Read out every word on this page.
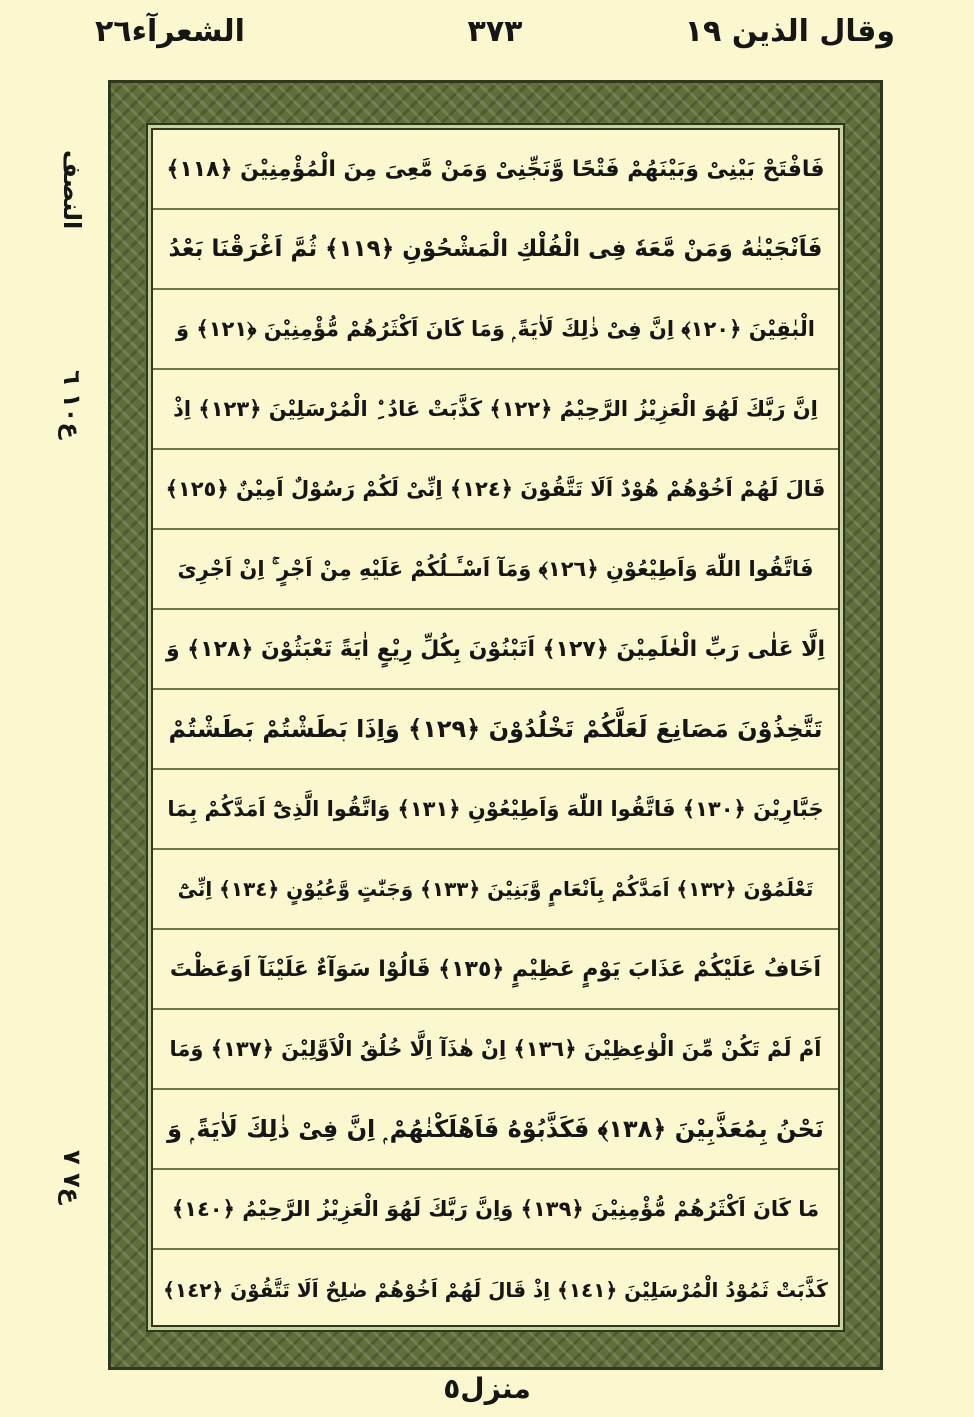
وقال الذين ١٩
٣٧٣
الشعرآء٢٦
النصف
ع١٠ ٦
ع٧ ٧
فَافْتَحْ بَيْنِىْ وَبَيْنَهُمْ فَتْحًا وَّنَجِّنِىْ وَمَنْ مَّعِىَ مِنَ الْمُؤْمِنِيْنَ ﴿١١٨﴾
فَاَنْجَيْنٰهُ وَمَنْ مَّعَهٗ فِى الْفُلْكِ الْمَشْحُوْنِ ﴿١١٩﴾ ثُمَّ اَغْرَقْنَا بَعْدُ
الْبٰقِيْنَ ﴿١٢٠﴾ اِنَّ فِىْ ذٰلِكَ لَاٰيَةً ۭ وَمَا كَانَ اَكْثَرُهُمْ مُّؤْمِنِيْنَ ﴿١٢١﴾ وَ
اِنَّ رَبَّكَ لَهُوَ الْعَزِيْزُ الرَّحِيْمُ ﴿١٢٢﴾ كَذَّبَتْ عَادُ ِۨ الْمُرْسَلِيْنَ ﴿١٢٣﴾ اِذْ
قَالَ لَهُمْ اَخُوْهُمْ هُوْدٌ اَلَا تَتَّقُوْنَ ﴿١٢٤﴾ اِنِّىْ لَكُمْ رَسُوْلٌ اَمِيْنٌ ﴿١٢٥﴾
فَاتَّقُوا اللّٰهَ وَاَطِيْعُوْنِ ﴿١٢٦﴾ وَمَآ اَسْـَٔـلُكُمْ عَلَيْهِ مِنْ اَجْرٍ ۚ اِنْ اَجْرِىَ
اِلَّا عَلٰى رَبِّ الْعٰلَمِيْنَ ﴿١٢٧﴾ اَتَبْنُوْنَ بِكُلِّ رِيْعٍ اٰيَةً تَعْبَثُوْنَ ﴿١٢٨﴾ وَ
تَتَّخِذُوْنَ مَصَانِعَ لَعَلَّكُمْ تَخْلُدُوْنَ ﴿١٢٩﴾ وَاِذَا بَطَشْتُمْ بَطَشْتُمْ
جَبَّارِيْنَ ﴿١٣٠﴾ فَاتَّقُوا اللّٰهَ وَاَطِيْعُوْنِ ﴿١٣١﴾ وَاتَّقُوا الَّذِىْٓ اَمَدَّكُمْ بِمَا
تَعْلَمُوْنَ ﴿١٣٢﴾ اَمَدَّكُمْ بِاَنْعَامٍ وَّبَنِيْنَ ﴿١٣٣﴾ وَجَنّٰتٍ وَّعُيُوْنٍ ﴿١٣٤﴾ اِنِّىْٓ
اَخَافُ عَلَيْكُمْ عَذَابَ يَوْمٍ عَظِيْمٍ ﴿١٣٥﴾ قَالُوْا سَوَآءٌ عَلَيْنَآ اَوَعَظْتَ
اَمْ لَمْ تَكُنْ مِّنَ الْوٰعِظِيْنَ ﴿١٣٦﴾ اِنْ هٰذَآ اِلَّا خُلُقُ الْاَوَّلِيْنَ ﴿١٣٧﴾ وَمَا
نَحْنُ بِمُعَذَّبِيْنَ ﴿١٣٨﴾ فَكَذَّبُوْهُ فَاَهْلَكْنٰهُمْ ۭ اِنَّ فِىْ ذٰلِكَ لَاٰيَةً ۭ وَ
مَا كَانَ اَكْثَرُهُمْ مُّؤْمِنِيْنَ ﴿١٣٩﴾ وَاِنَّ رَبَّكَ لَهُوَ الْعَزِيْزُ الرَّحِيْمُ ﴿١٤٠﴾
كَذَّبَتْ ثَمُوْدُ الْمُرْسَلِيْنَ ﴿١٤١﴾ اِذْ قَالَ لَهُمْ اَخُوْهُمْ صٰلِحٌ اَلَا تَتَّقُوْنَ ﴿١٤٢﴾
منزل٥
